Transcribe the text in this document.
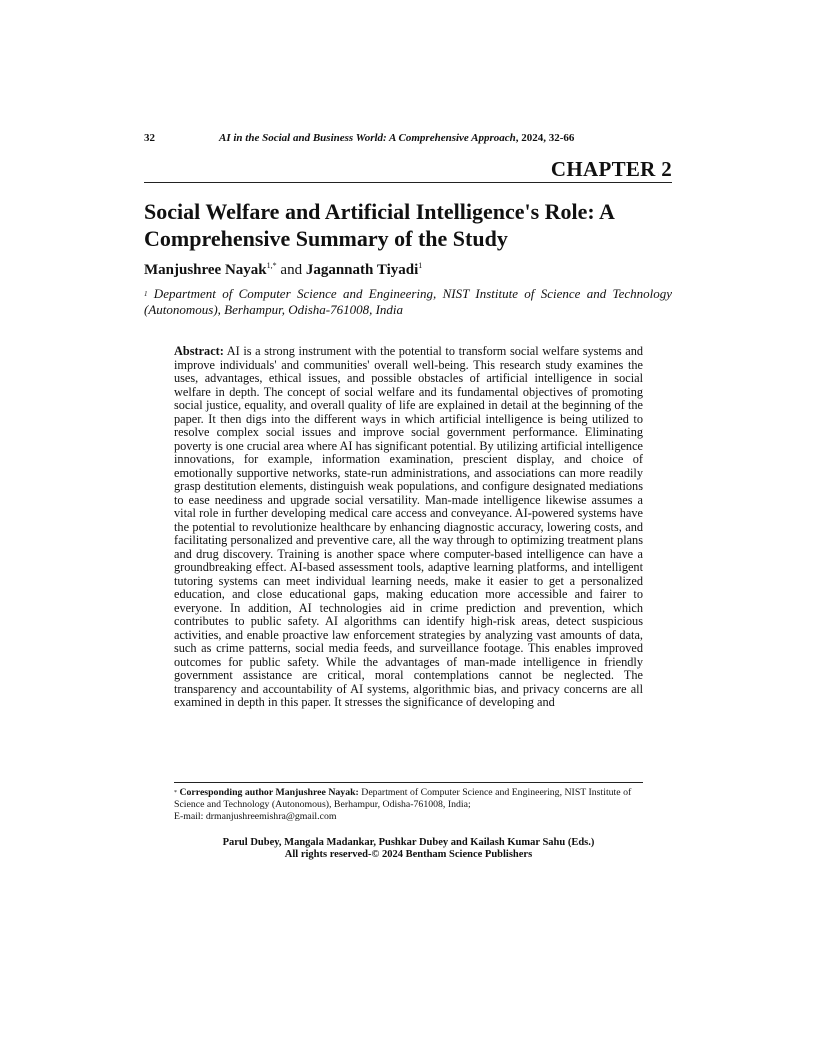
32	AI in the Social and Business World: A Comprehensive Approach, 2024, 32-66
CHAPTER 2
Social Welfare and Artificial Intelligence's Role: A Comprehensive Summary of the Study
Manjushree Nayak$^{1,*}$ and Jagannath Tiyadi$^1$
$^1$ Department of Computer Science and Engineering, NIST Institute of Science and Technology (Autonomous), Berhampur, Odisha-761008, India

Abstract: AI is a strong instrument with the potential to transform social welfare systems and improve individuals' and communities' overall well-being. This research study examines the uses, advantages, ethical issues, and possible obstacles of artificial intelligence in social welfare in depth. The concept of social welfare and its fundamental objectives of promoting social justice, equality, and overall quality of life are explained in detail at the beginning of the paper. It then digs into the different ways in which artificial intelligence is being utilized to resolve complex social issues and improve social government performance. Eliminating poverty is one crucial area where AI has significant potential. By utilizing artificial intelligence innovations, for example, information examination, prescient display, and choice of emotionally supportive networks, state-run administrations, and associations can more readily grasp destitution elements, distinguish weak populations, and configure designated mediations to ease neediness and upgrade social versatility. Man-made intelligence likewise assumes a vital role in further developing medical care access and conveyance. AI-powered systems have the potential to revolutionize healthcare by enhancing diagnostic accuracy, lowering costs, and facilitating personalized and preventive care, all the way through to optimizing treatment plans and drug discovery. Training is another space where computer-based intelligence can have a groundbreaking effect. AI-based assessment tools, adaptive learning platforms, and intelligent tutoring systems can meet individual learning needs, make it easier to get a personalized education, and close educational gaps, making education more accessible and fairer to everyone. In addition, AI technologies aid in crime prediction and prevention, which contributes to public safety. AI algorithms can identify high-risk areas, detect suspicious activities, and enable proactive law enforcement strategies by analyzing vast amounts of data, such as crime patterns, social media feeds, and surveillance footage. This enables improved outcomes for public safety. While the advantages of man-made intelligence in friendly government assistance are critical, moral contemplations cannot be neglected. The transparency and accountability of AI systems, algorithmic bias, and privacy concerns are all examined in depth in this paper. It stresses the significance of developing and

* Corresponding author Manjushree Nayak: Department of Computer Science and Engineering, NIST Institute of Science and Technology (Autonomous), Berhampur, Odisha-761008, India;
E-mail: drmanjushreemishra@gmail.com
Parul Dubey, Mangala Madankar, Pushkar Dubey and Kailash Kumar Sahu (Eds.)
All rights reserved-© 2024 Bentham Science Publishers
